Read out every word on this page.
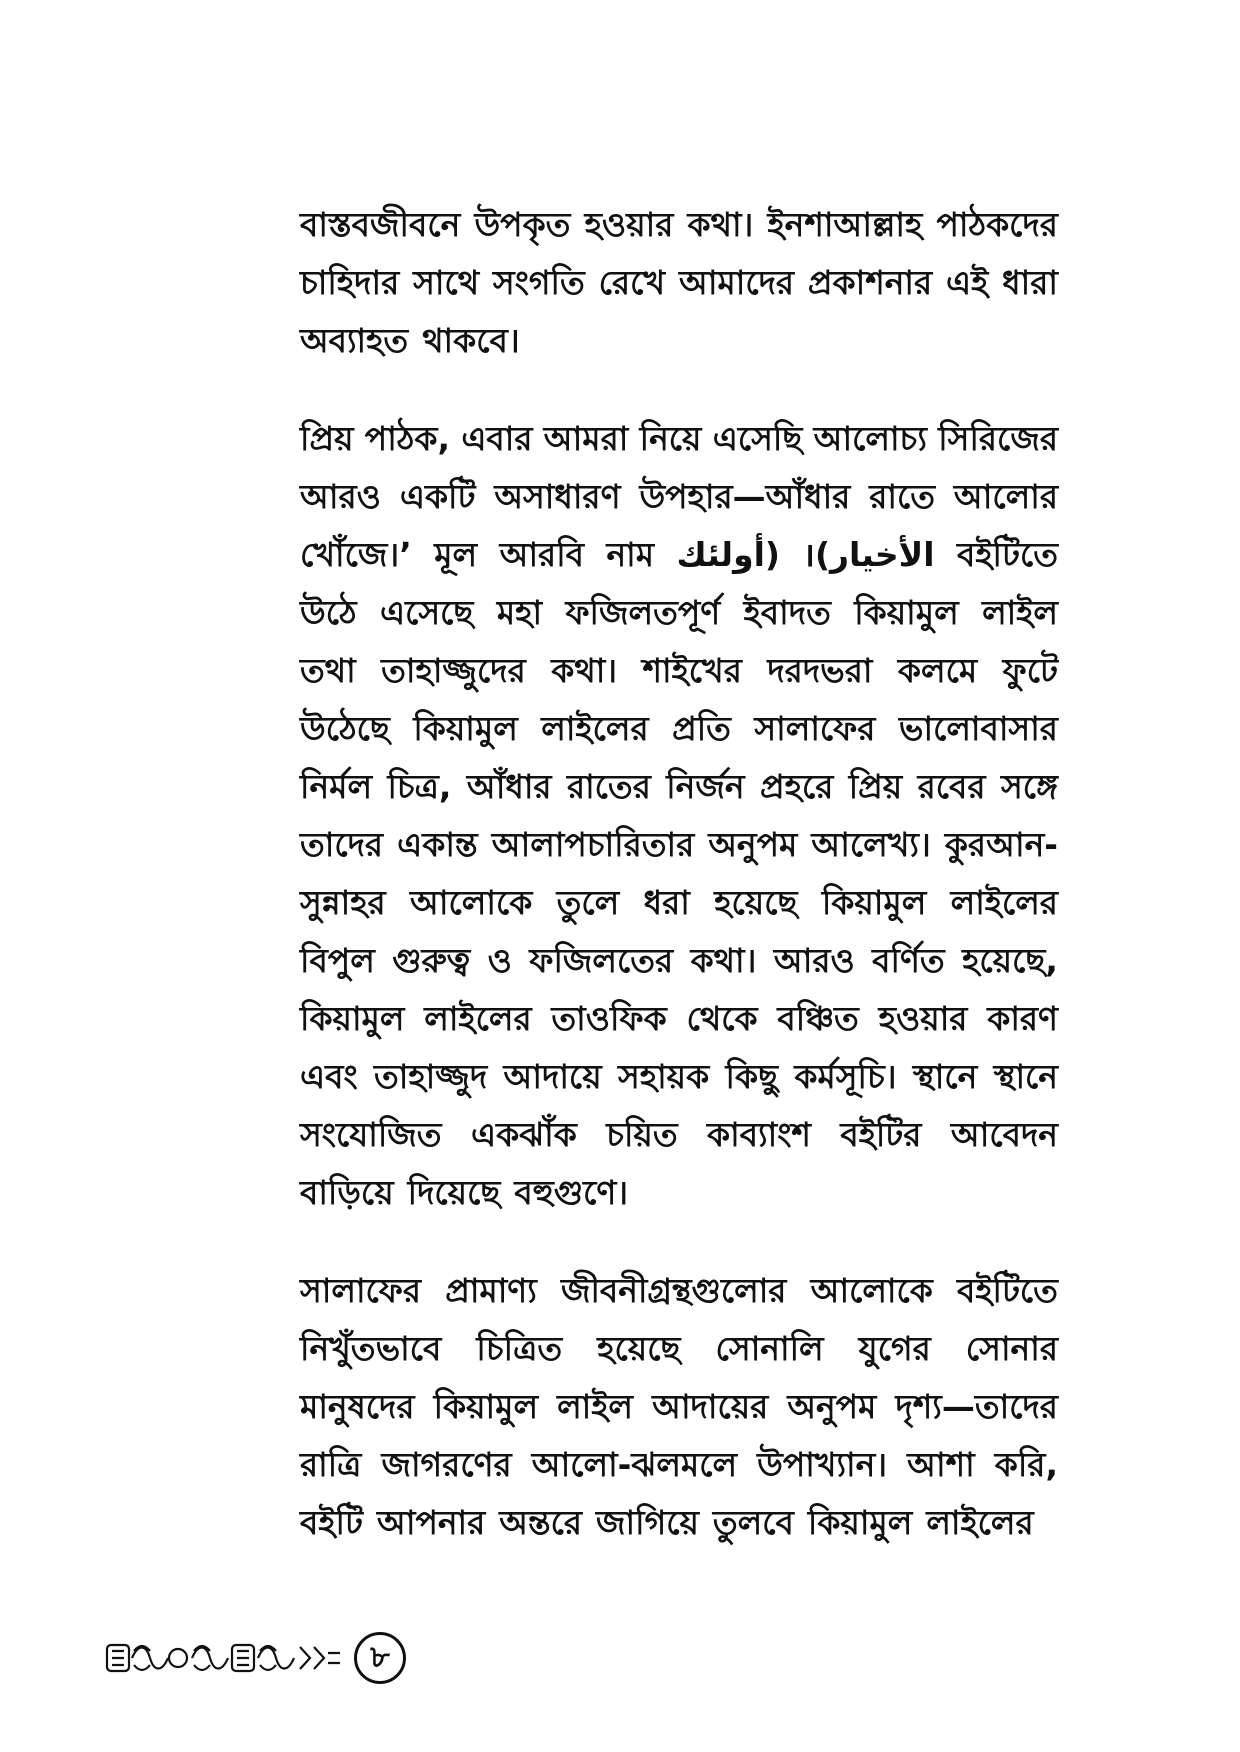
বাস্তবজীবনে উপকৃত হওয়ার কথা। ইনশাআল্লাহ পাঠকদের
চাহিদার সাথে সংগতি রেখে আমাদের প্রকাশনার এই ধারা
অব্যাহত থাকবে।
প্রিয় পাঠক, এবার আমরা নিয়ে এসেছি আলোচ্য সিরিজের
আরও একটি অসাধারণ উপহার—আঁধার রাতে আলোর
খোঁজে।’ মূল আরবি নাম (أولئك الأخيار)। বইটিতে
উঠে এসেছে মহা ফজিলতপূর্ণ ইবাদত কিয়ামুল লাইল
তথা তাহাজ্জুদের কথা। শাইখের দরদভরা কলমে ফুটে
উঠেছে কিয়ামুল লাইলের প্রতি সালাফের ভালোবাসার
নির্মল চিত্র, আঁধার রাতের নির্জন প্রহরে প্রিয় রবের সঙ্গে
তাদের একান্ত আলাপচারিতার অনুপম আলেখ্য। কুরআন-
সুন্নাহর আলোকে তুলে ধরা হয়েছে কিয়ামুল লাইলের
বিপুল গুরুত্ব ও ফজিলতের কথা। আরও বর্ণিত হয়েছে,
কিয়ামুল লাইলের তাওফিক থেকে বঞ্চিত হওয়ার কারণ
এবং তাহাজ্জুদ আদায়ে সহায়ক কিছু কর্মসূচি। স্থানে স্থানে
সংযোজিত একঝাঁক চয়িত কাব্যাংশ বইটির আবেদন
বাড়িয়ে দিয়েছে বহুগুণে।
সালাফের প্রামাণ্য জীবনীগ্রন্থগুলোর আলোকে বইটিতে
নিখুঁতভাবে চিত্রিত হয়েছে সোনালি যুগের সোনার
মানুষদের কিয়ামুল লাইল আদায়ের অনুপম দৃশ্য—তাদের
রাত্রি জাগরণের আলো-ঝলমলে উপাখ্যান। আশা করি,
বইটি আপনার অন্তরে জাগিয়ে তুলবে কিয়ামুল লাইলের
৮
